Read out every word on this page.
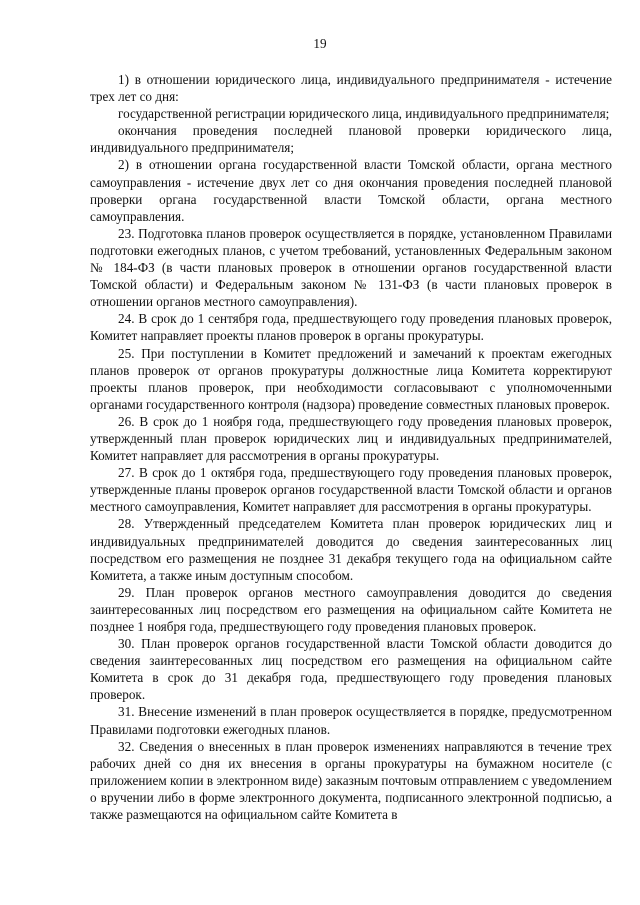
19

1) в отношении юридического лица, индивидуального предпринимателя - истечение трех лет со дня:

государственной регистрации юридического лица, индивидуального предпринимателя;

окончания проведения последней плановой проверки юридического лица, индивидуального предпринимателя;

2) в отношении органа государственной власти Томской области, органа местного самоуправления - истечение двух лет со дня окончания проведения последней плановой проверки органа государственной власти Томской области, органа местного самоуправления.

23. Подготовка планов проверок осуществляется в порядке, установленном Правилами подготовки ежегодных планов, с учетом требований, установленных Федеральным законом № 184-ФЗ (в части плановых проверок в отношении органов государственной власти Томской области) и Федеральным законом № 131-ФЗ (в части плановых проверок в отношении органов местного самоуправления).

24. В срок до 1 сентября года, предшествующего году проведения плановых проверок, Комитет направляет проекты планов проверок в органы прокуратуры.

25. При поступлении в Комитет предложений и замечаний к проектам ежегодных планов проверок от органов прокуратуры должностные лица Комитета корректируют проекты планов проверок, при необходимости согласовывают с уполномоченными органами государственного контроля (надзора) проведение совместных плановых проверок.

26. В срок до 1 ноября года, предшествующего году проведения плановых проверок, утвержденный план проверок юридических лиц и индивидуальных предпринимателей, Комитет направляет для рассмотрения в органы прокуратуры.

27. В срок до 1 октября года, предшествующего году проведения плановых проверок, утвержденные планы проверок органов государственной власти Томской области и органов местного самоуправления, Комитет направляет для рассмотрения в органы прокуратуры.

28. Утвержденный председателем Комитета план проверок юридических лиц и индивидуальных предпринимателей доводится до сведения заинтересованных лиц посредством его размещения не позднее 31 декабря текущего года на официальном сайте Комитета, а также иным доступным способом.

29. План проверок органов местного самоуправления доводится до сведения заинтересованных лиц посредством его размещения на официальном сайте Комитета не позднее 1 ноября года, предшествующего году проведения плановых проверок.

30. План проверок органов государственной власти Томской области доводится до сведения заинтересованных лиц посредством его размещения на официальном сайте Комитета в срок до 31 декабря года, предшествующего году проведения плановых проверок.

31. Внесение изменений в план проверок осуществляется в порядке, предусмотренном Правилами подготовки ежегодных планов.

32. Сведения о внесенных в план проверок изменениях направляются в течение трех рабочих дней со дня их внесения в органы прокуратуры на бумажном носителе (с приложением копии в электронном виде) заказным почтовым отправлением с уведомлением о вручении либо в форме электронного документа, подписанного электронной подписью, а также размещаются на официальном сайте Комитета в
